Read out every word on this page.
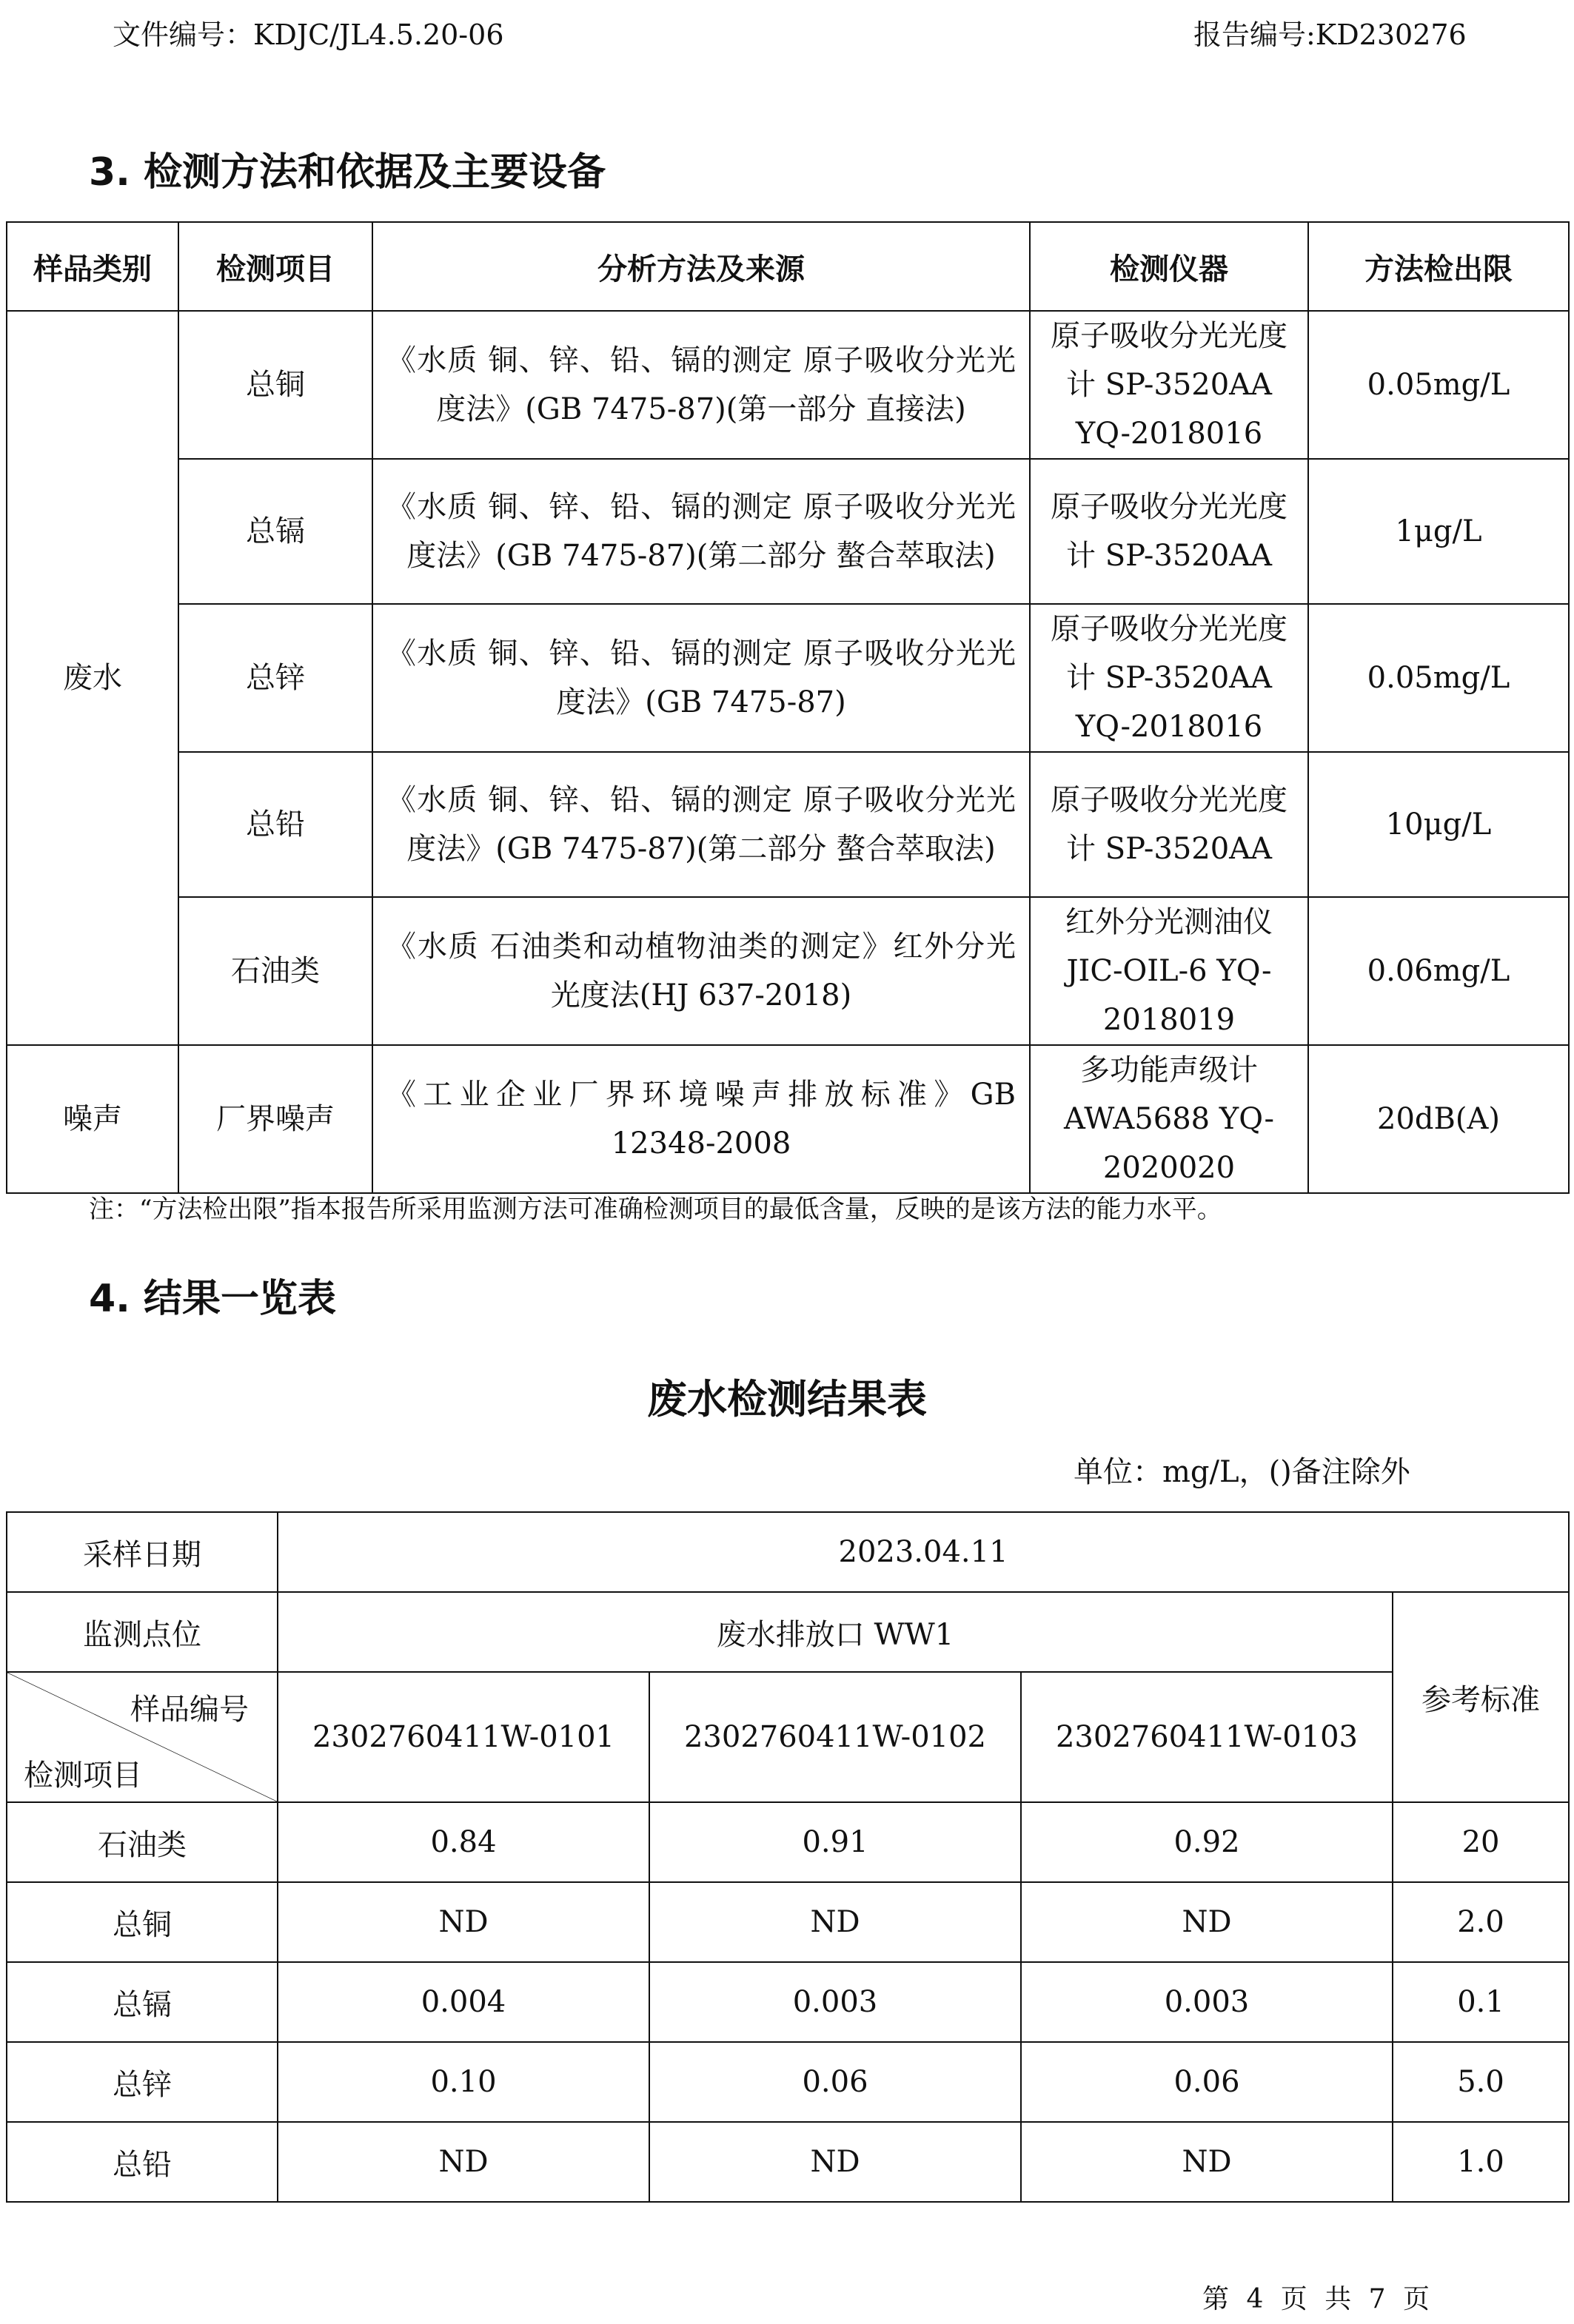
文件编号：KDJC/JL4.5.20-06	报告编号:KD230276
3. 检测方法和依据及主要设备
样品类别	检测项目	分析方法及来源	检测仪器	方法检出限
废水	总铜	《水质 铜、锌、铅、镉的测定 原子吸收分光光度法》(GB 7475-87)(第一部分 直接法)	原子吸收分光光度计 SP-3520AA YQ-2018016	0.05mg/L
	总镉	《水质 铜、锌、铅、镉的测定 原子吸收分光光度法》(GB 7475-87)(第二部分 螯合萃取法)	原子吸收分光光度计 SP-3520AA	1μg/L
	总锌	《水质 铜、锌、铅、镉的测定 原子吸收分光光度法》(GB 7475-87)	原子吸收分光光度计 SP-3520AA YQ-2018016	0.05mg/L
	总铅	《水质 铜、锌、铅、镉的测定 原子吸收分光光度法》(GB 7475-87)(第二部分 螯合萃取法)	原子吸收分光光度计 SP-3520AA	10μg/L
	石油类	《水质 石油类和动植物油类的测定》红外分光光度法(HJ 637-2018)	红外分光测油仪 JIC-OIL-6 YQ-2018019	0.06mg/L
噪声	厂界噪声	《工业企业厂界环境噪声排放标准》GB 12348-2008	多功能声级计 AWA5688 YQ-2020020	20dB(A)
注：“方法检出限”指本报告所采用监测方法可准确检测项目的最低含量，反映的是该方法的能力水平。
4. 结果一览表
废水检测结果表
单位：mg/L，()备注除外
采样日期	2023.04.11			
监测点位	废水排放口 WW1			参考标准

样品编号
检测项目	2302760411W-0101	2302760411W-0102	2302760411W-0103	
石油类	0.84	0.91	0.92	20
总铜	ND	ND	ND	2.0
总镉	0.004	0.003	0.003	0.1
总锌	0.10	0.06	0.06	5.0
总铅	ND	ND	ND	1.0
第 4 页 共 7 页
